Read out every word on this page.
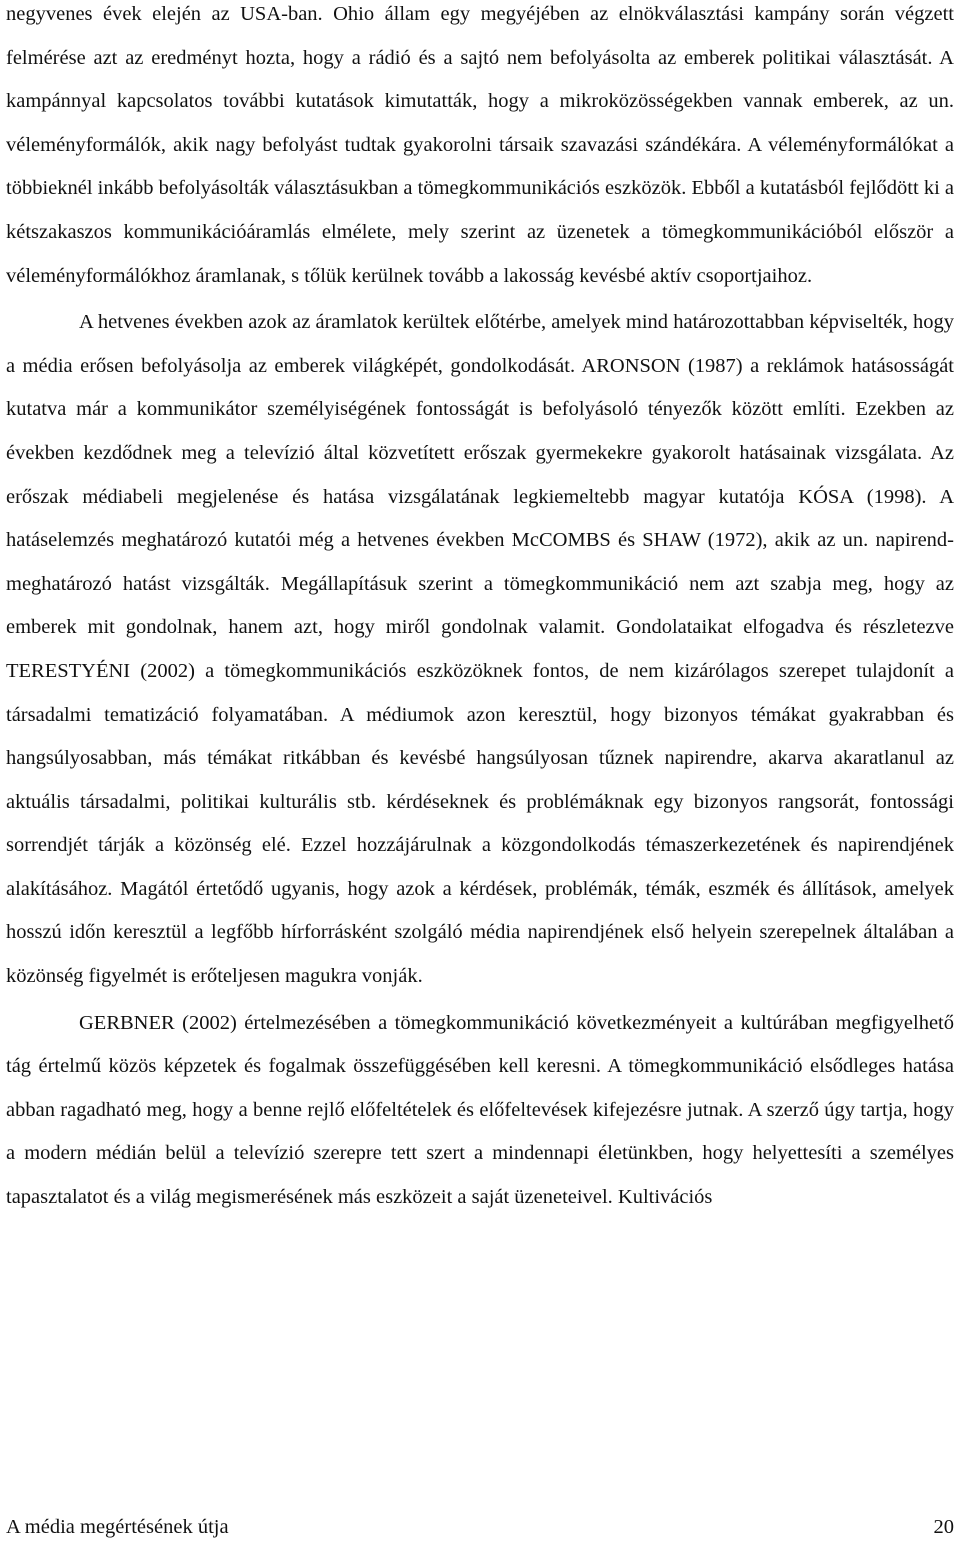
negyvenes évek elején az USA-ban. Ohio állam egy megyéjében az elnökválasztási kampány során végzett felmérése azt az eredményt hozta, hogy a rádió és a sajtó nem befolyásolta az emberek politikai választását. A kampánnyal kapcsolatos további kutatások kimutatták, hogy a mikroközösségekben vannak emberek, az un. véleményformálók, akik nagy befolyást tudtak gyakorolni társaik szavazási szándékára. A véleményformálókat a többieknél inkább befolyásolták választásukban a tömegkommunikációs eszközök. Ebből a kutatásból fejlődött ki a kétszakaszos kommunikációáramlás elmélete, mely szerint az üzenetek a tömegkommunikációból először a véleményformálókhoz áramlanak, s tőlük kerülnek tovább a lakosság kevésbé aktív csoportjaihoz.

A hetvenes években azok az áramlatok kerültek előtérbe, amelyek mind határozottabban képviselték, hogy a média erősen befolyásolja az emberek világképét, gondolkodását. ARONSON (1987) a reklámok hatásosságát kutatva már a kommunikátor személyiségének fontosságát is befolyásoló tényezők között említi. Ezekben az években kezdődnek meg a televízió által közvetített erőszak gyermekekre gyakorolt hatásainak vizsgálata. Az erőszak médiabeli megjelenése és hatása vizsgálatának legkiemeltebb magyar kutatója KÓSA (1998). A hatáselemzés meghatározó kutatói még a hetvenes években McCOMBS és SHAW (1972), akik az un. napirend-meghatározó hatást vizsgálták. Megállapításuk szerint a tömegkommunikáció nem azt szabja meg, hogy az emberek mit gondolnak, hanem azt, hogy miről gondolnak valamit. Gondolataikat elfogadva és részletezve TERESTYÉNI (2002) a tömegkommunikációs eszközöknek fontos, de nem kizárólagos szerepet tulajdonít a társadalmi tematizáció folyamatában. A médiumok azon keresztül, hogy bizonyos témákat gyakrabban és hangsúlyosabban, más témákat ritkábban és kevésbé hangsúlyosan tűznek napirendre, akarva akaratlanul az aktuális társadalmi, politikai kulturális stb. kérdéseknek és problémáknak egy bizonyos rangsorát, fontossági sorrendjét tárják a közönség elé. Ezzel hozzájárulnak a közgondolkodás témaszerkezetének és napirendjének alakításához. Magától értetődő ugyanis, hogy azok a kérdések, problémák, témák, eszmék és állítások, amelyek hosszú időn keresztül a legfőbb hírforrásként szolgáló média napirendjének első helyein szerepelnek általában a közönség figyelmét is erőteljesen magukra vonják.

GERBNER (2002) értelmezésében a tömegkommunikáció következményeit a kultúrában megfigyelhető tág értelmű közös képzetek és fogalmak összefüggésében kell keresni. A tömegkommunikáció elsődleges hatása abban ragadható meg, hogy a benne rejlő előfeltételek és előfeltevések kifejezésre jutnak. A szerző úgy tartja, hogy a modern médián belül a televízió szerepre tett szert a mindennapi életünkben, hogy helyettesíti a személyes tapasztalatot és a világ megismerésének más eszközeit a saját üzeneteivel. Kultivációs

A média megértésének útja	20
